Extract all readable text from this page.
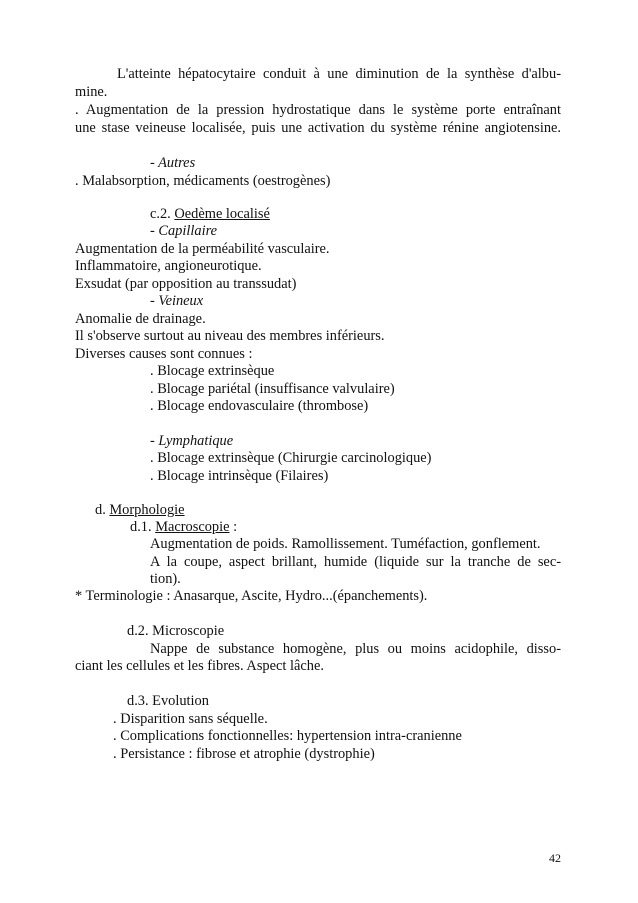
L'atteinte hépatocytaire conduit à une diminution de la synthèse d'albu-
mine.
. Augmentation de la pression hydrostatique dans le système porte entraînant
une stase veineuse localisée, puis une activation du système rénine angiotensine.
- Autres
. Malabsorption, médicaments (oestrogènes)
c.2. Oedème localisé
- Capillaire
Augmentation de la perméabilité vasculaire.
Inflammatoire, angioneurotique.
Exsudat (par opposition au transsudat)
- Veineux
Anomalie de drainage.
Il s'observe surtout au niveau des membres inférieurs.
Diverses causes sont connues :
. Blocage extrinsèque
. Blocage pariétal (insuffisance valvulaire)
. Blocage endovasculaire (thrombose)
- Lymphatique
. Blocage extrinsèque (Chirurgie carcinologique)
. Blocage intrinsèque (Filaires)
d. Morphologie
d.1. Macroscopie :
Augmentation de poids. Ramollissement. Tuméfaction, gonflement.
A la coupe, aspect brillant, humide (liquide sur la tranche de sec-
tion).
* Terminologie : Anasarque, Ascite, Hydro...(épanchements).
d.2. Microscopie
Nappe de substance homogène, plus ou moins acidophile, disso-
ciant les cellules et les fibres. Aspect lâche.
d.3. Evolution
. Disparition sans séquelle.
. Complications fonctionnelles: hypertension intra-cranienne
. Persistance : fibrose et atrophie (dystrophie)
42
